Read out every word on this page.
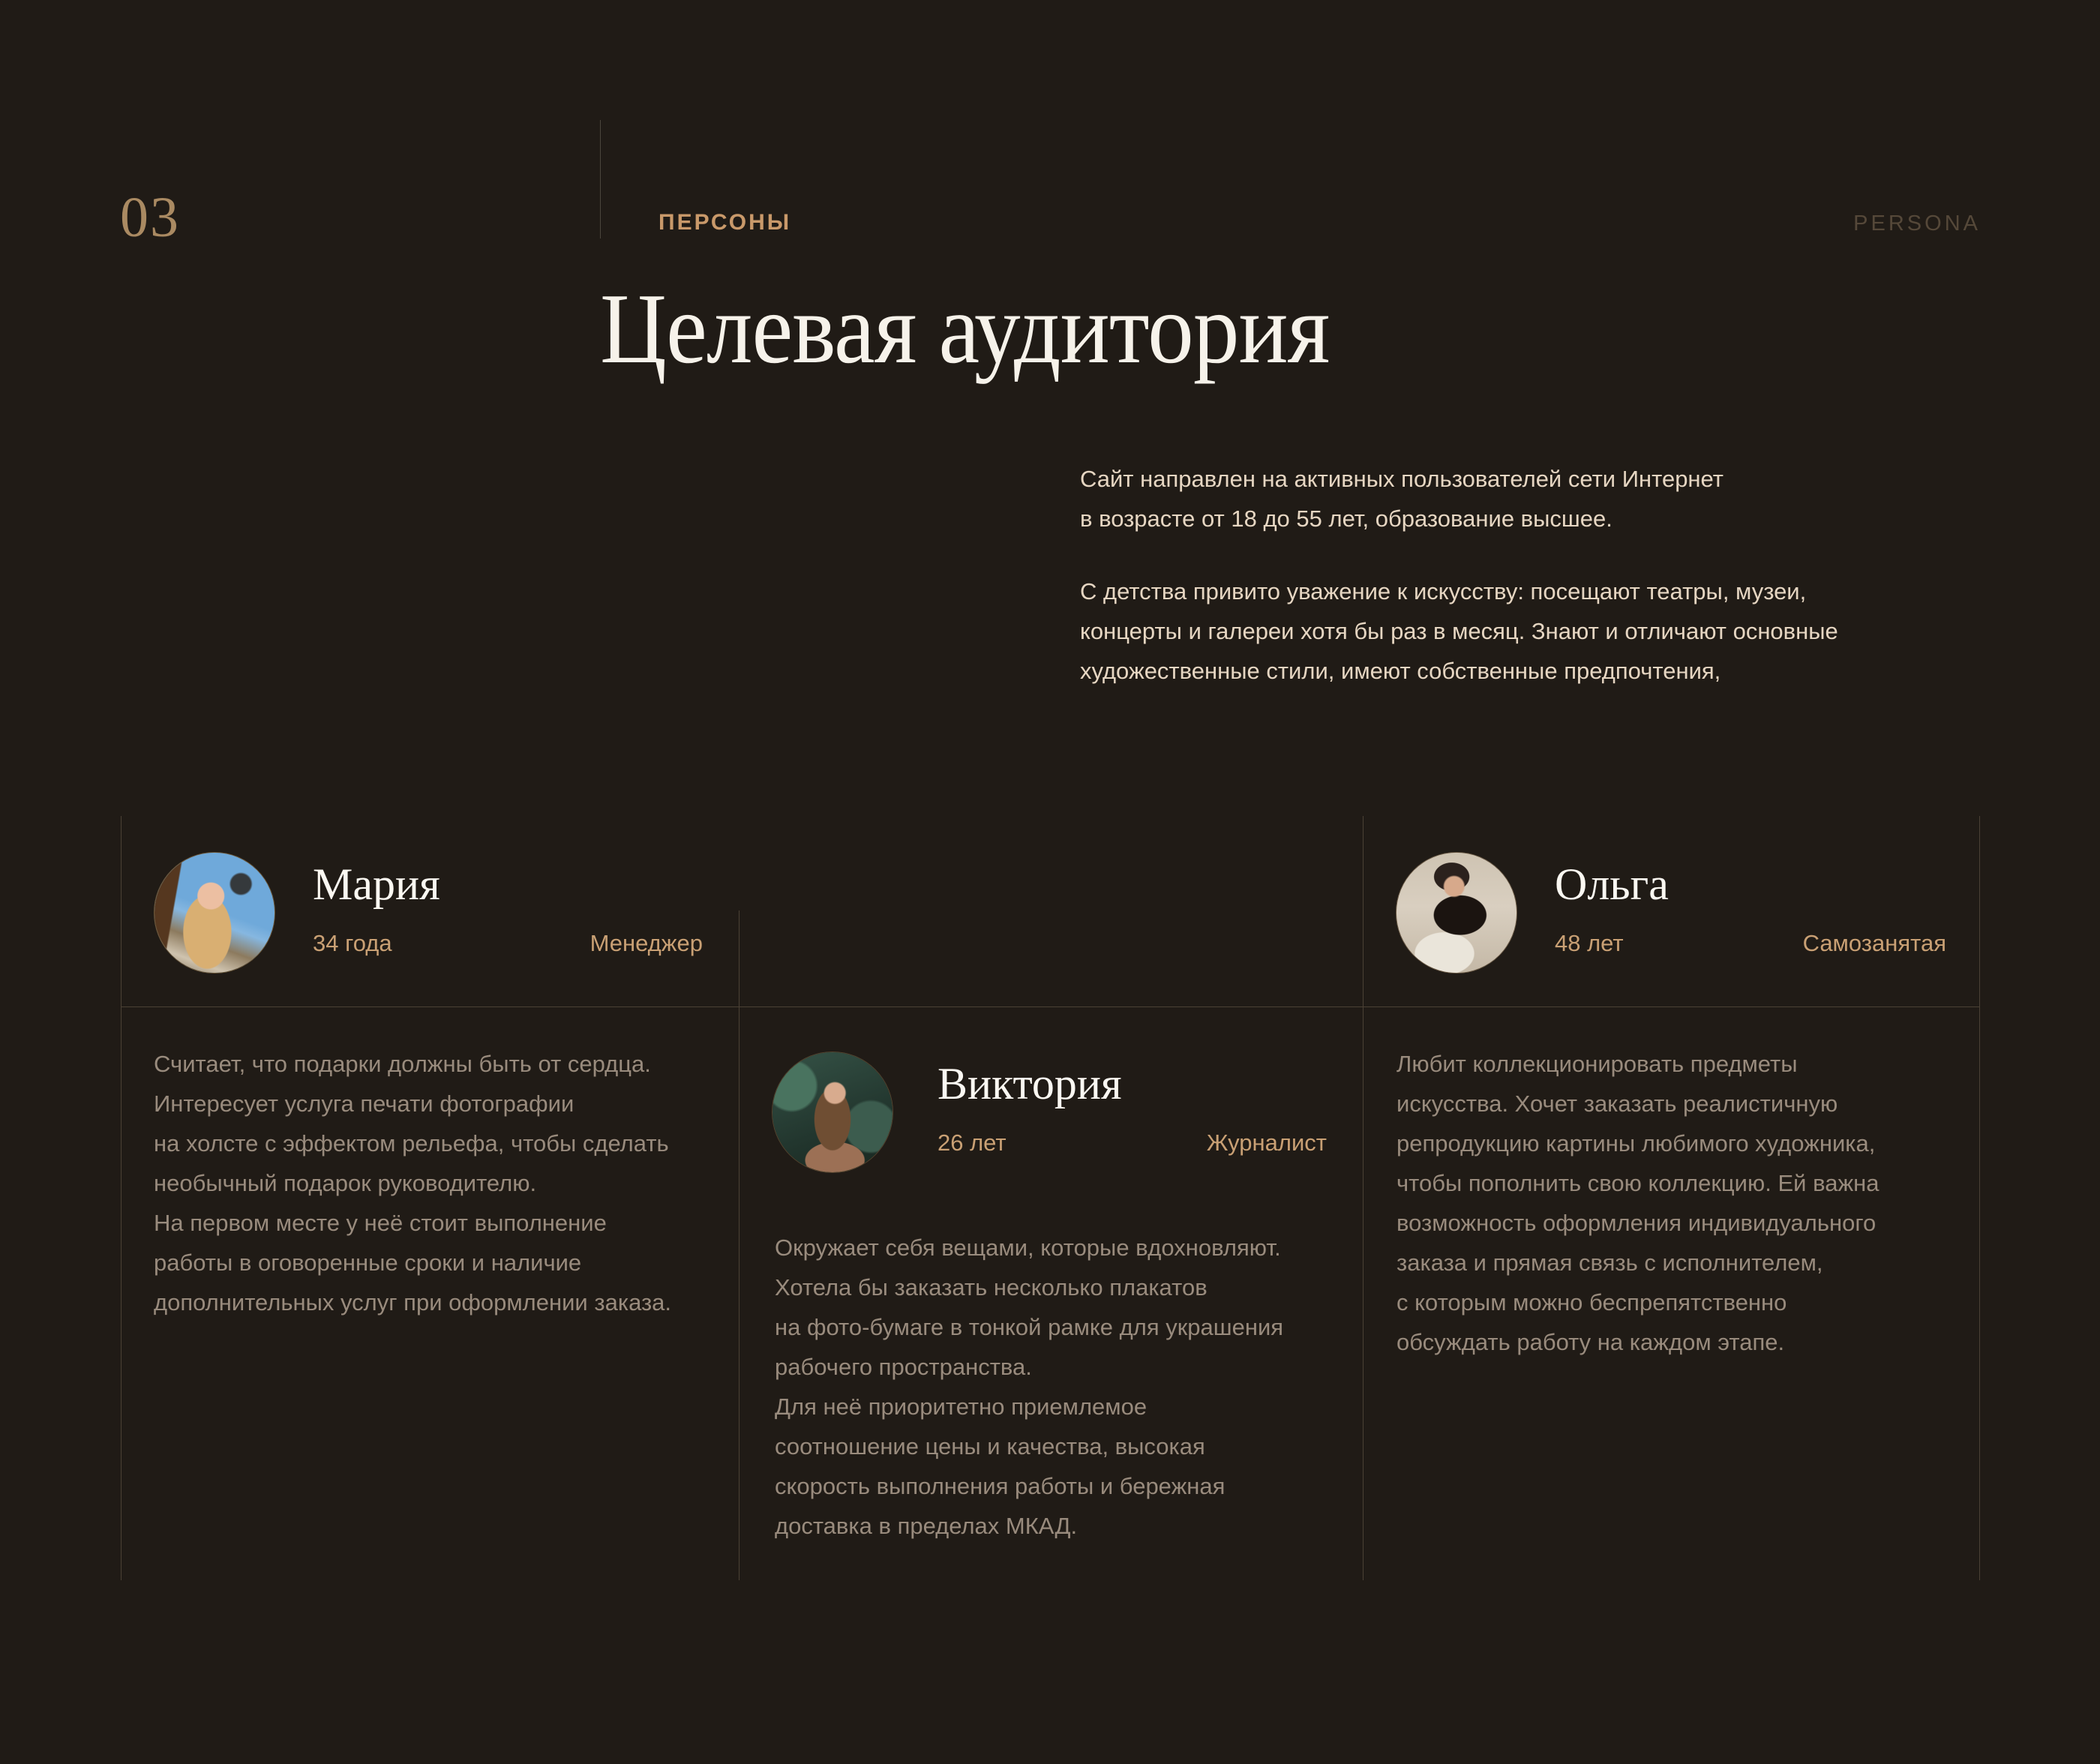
03	ПЕРСОНЫ	PERSONA
Целевая аудитория
Сайт направлен на активных пользователей сети Интернет
в возрасте от 18 до 55 лет, образование высшее.
С детства привито уважение к искусству: посещают театры, музеи,
концерты и галереи хотя бы раз в месяц. Знают и отличают основные
художественные стили, имеют собственные предпочтения,
Мария
34 года	Менеджер
Считает, что подарки должны быть от сердца.
Интересует услуга печати фотографии
на холсте с эффектом рельефа, чтобы сделать
необычный подарок руководителю.
На первом месте у неё стоит выполнение
работы в оговоренные сроки и наличие
дополнительных услуг при оформлении заказа.
Виктория
26 лет	Журналист
Окружает себя вещами, которые вдохновляют.
Хотела бы заказать несколько плакатов
на фото-бумаге в тонкой рамке для украшения
рабочего пространства.
Для неё приоритетно приемлемое
соотношение цены и качества, высокая
скорость выполнения работы и бережная
доставка в пределах МКАД.
Ольга
48 лет	Самозанятая
Любит коллекционировать предметы
искусства. Хочет заказать реалистичную
репродукцию картины любимого художника,
чтобы пополнить свою коллекцию. Ей важна
возможность оформления индивидуального
заказа и прямая связь с исполнителем,
с которым можно беспрепятственно
обсуждать работу на каждом этапе.
